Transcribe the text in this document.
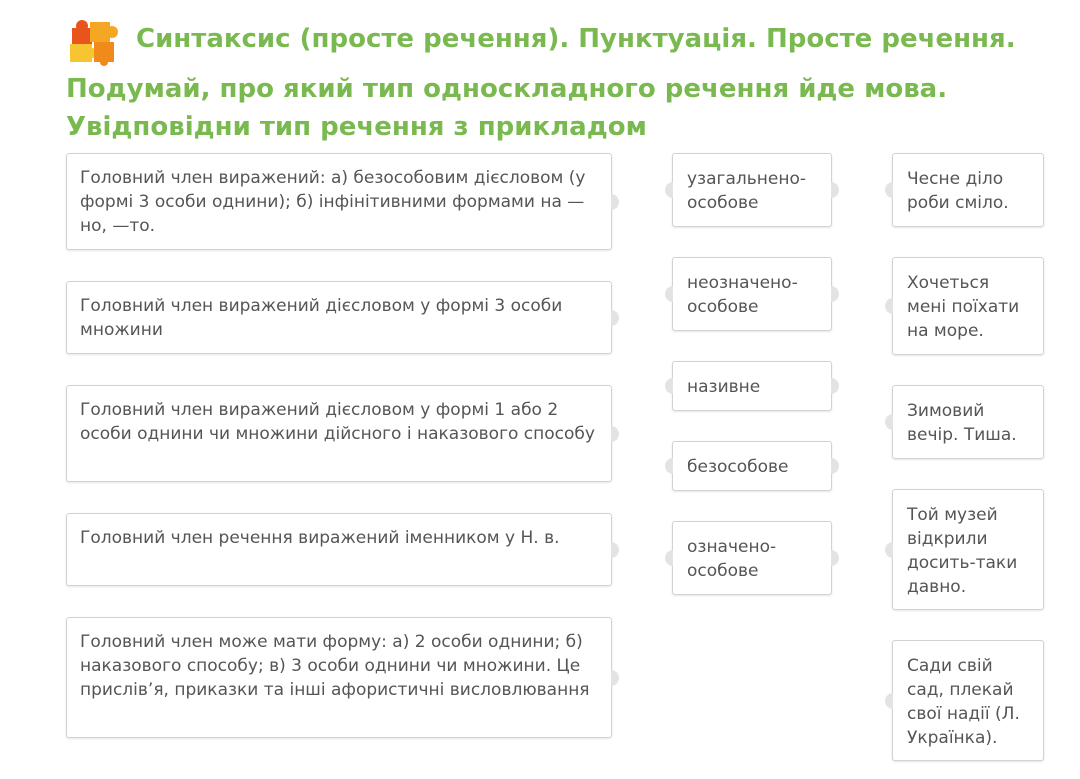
Синтаксис (просте речення). Пунктуація. Просте речення.
Подумай, про який тип односкладного речення йде мова.
Увідповідни тип речення з прикладом
Головний член виражений: а) безособовим дієсловом (у формі 3 особи однини); б) інфінітивними формами на —но, —то.
Головний член виражений дієсловом у формі 3 особи множини
Головний член виражений дієсловом у формі 1 або 2 особи однини чи множини дійсного і наказового способу
Головний член речення виражений іменником у Н. в.
Головний член може мати форму: а) 2 особи однини; б) наказового способу; в) 3 особи однини чи множини. Це прислів’я, приказки та інші афористичні висловлювання
узагальнено-особове
неозначено-особове
називне
безособове
означено-особове
Чесне діло роби сміло.
Хочеться мені поїхати на море.
Зимовий вечір. Тиша.
Той музей відкрили досить-таки давно.
Сади свій сад, плекай свої надії (Л. Українка).
